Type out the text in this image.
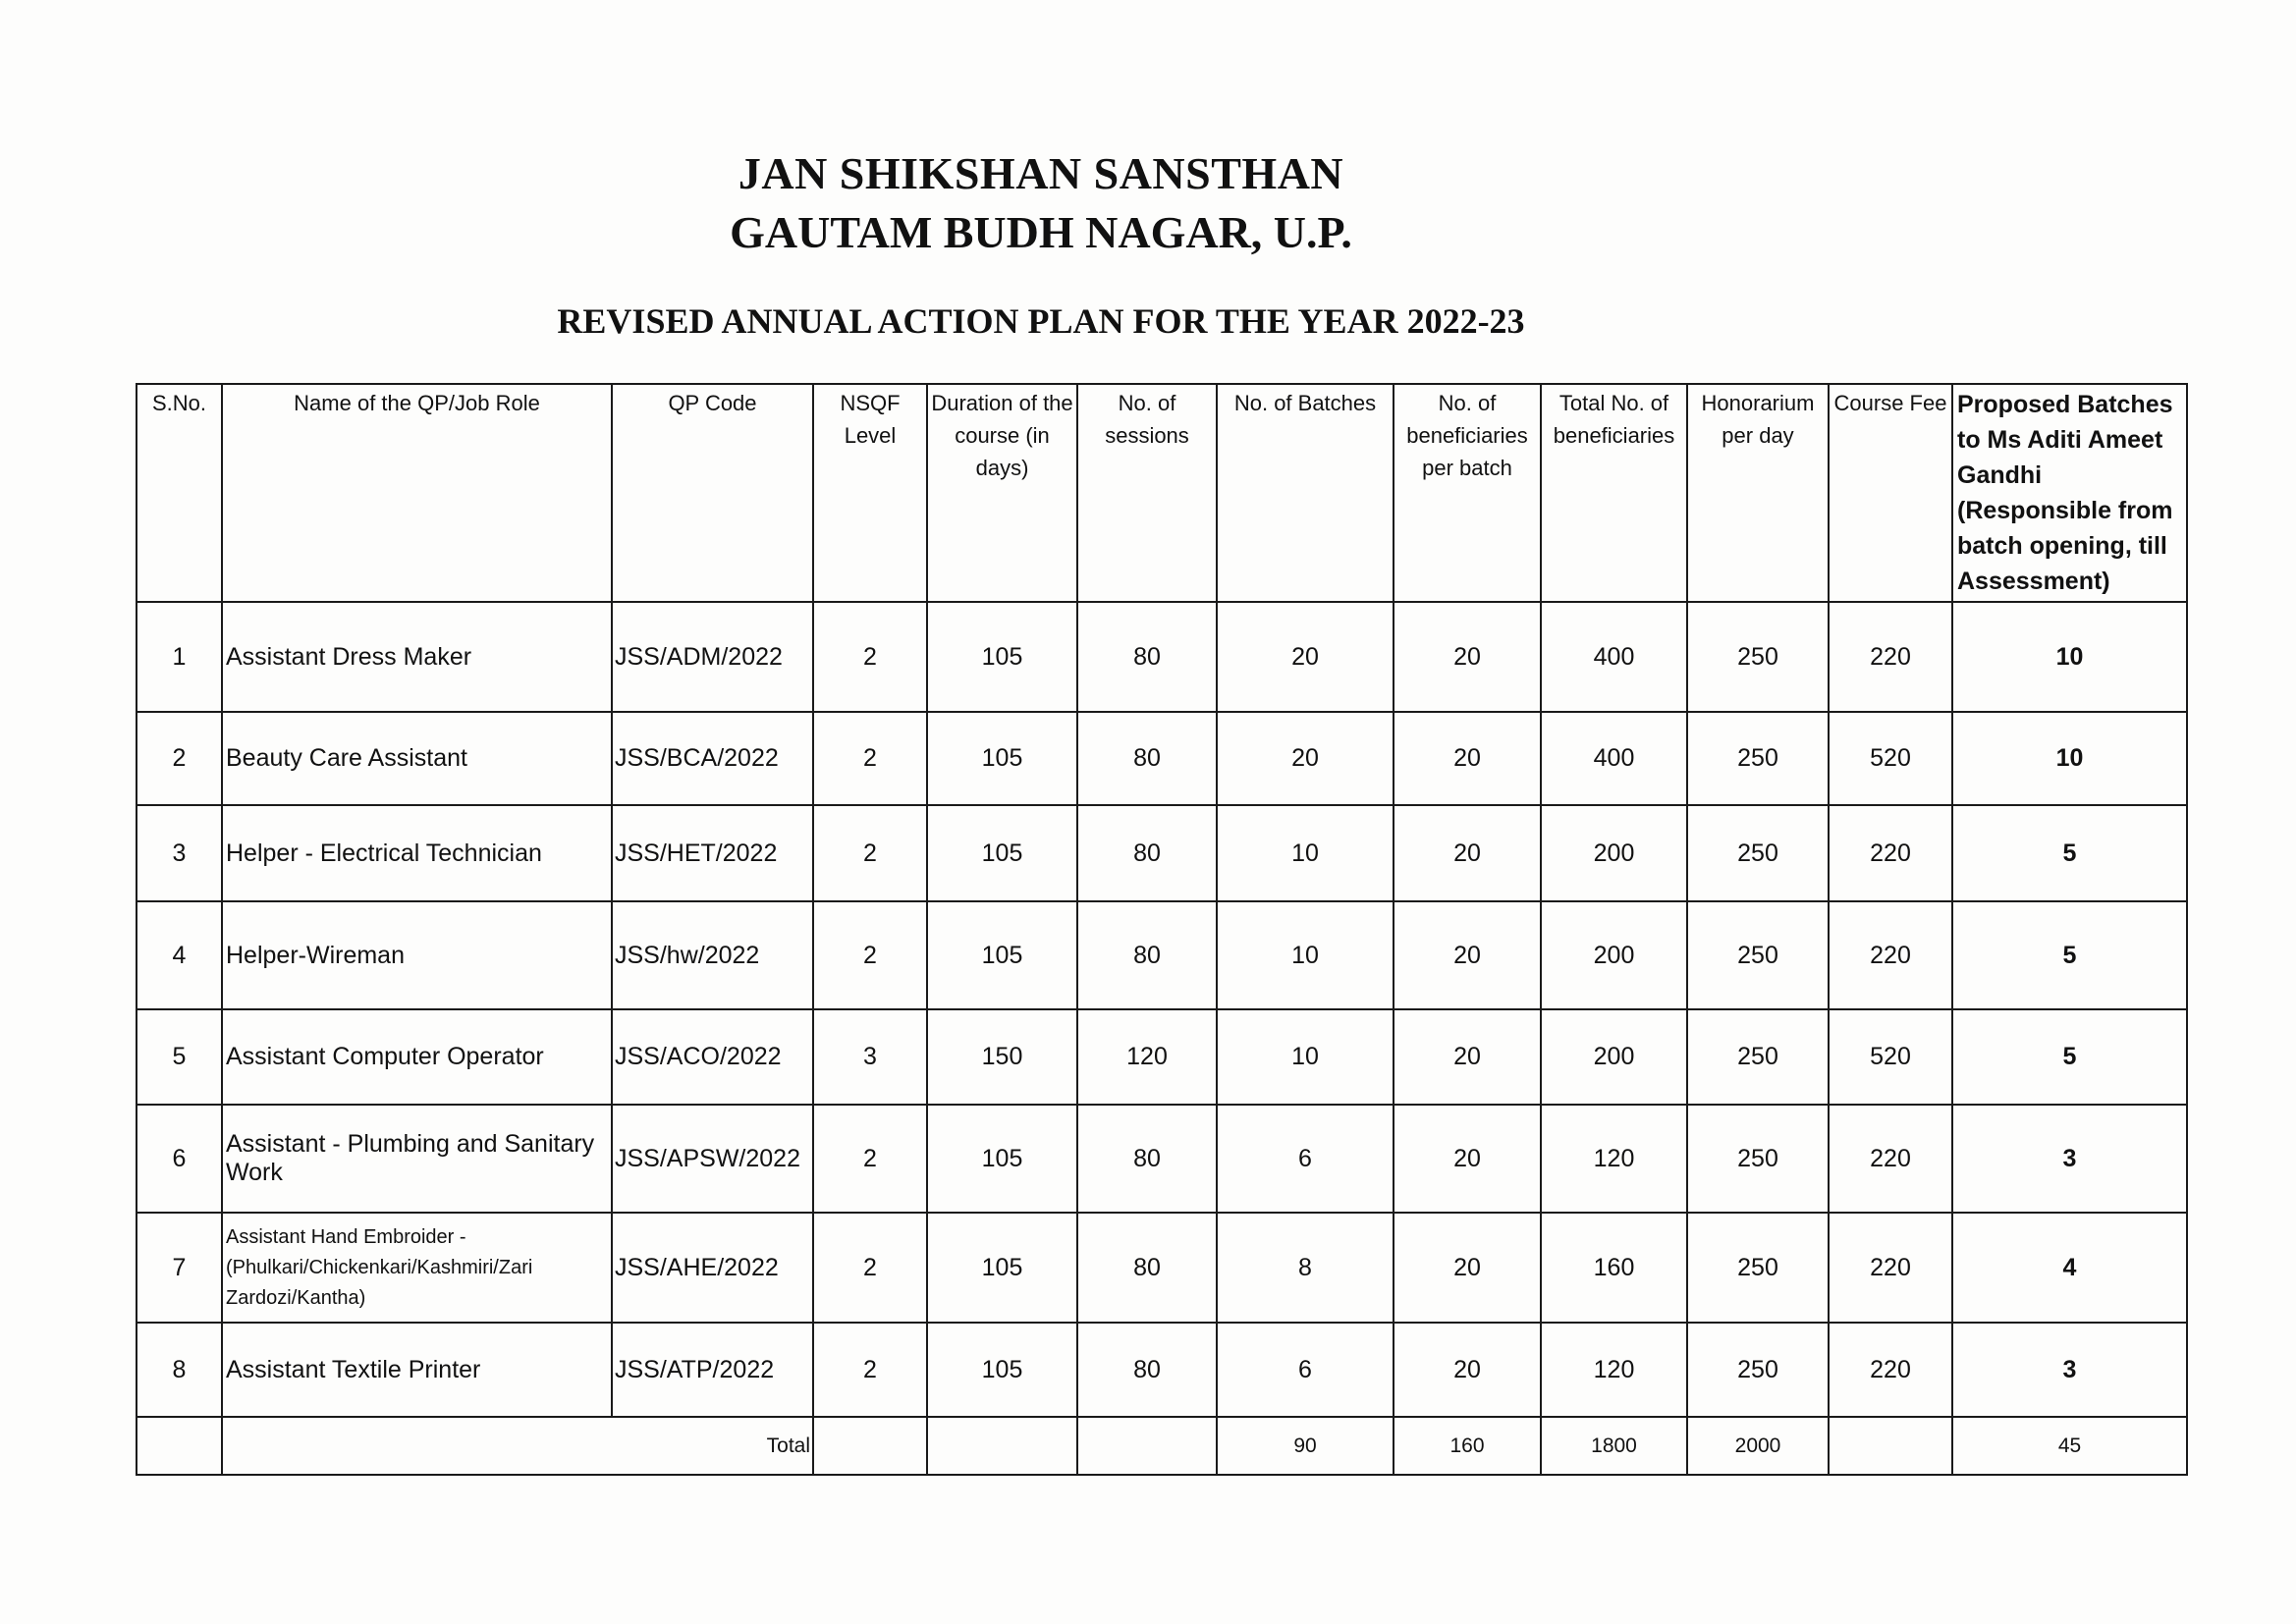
JAN SHIKSHAN SANSTHAN
GAUTAM BUDH NAGAR, U.P.
REVISED ANNUAL ACTION PLAN FOR THE YEAR 2022-23
S.No.	Name of the QP/Job Role	QP Code	NSQF Level	Duration of the course (in days)	No. of sessions	No. of Batches	No. of beneficiaries per batch	Total No. of beneficiaries	Honorarium per day	Course Fee	Proposed Batches to Ms Aditi Ameet Gandhi (Responsible from batch opening, till Assessment)
1	Assistant Dress Maker	JSS/ADM/2022	2	105	80	20	20	400	250	220	10
2	Beauty Care Assistant	JSS/BCA/2022	2	105	80	20	20	400	250	520	10
3	Helper - Electrical Technician	JSS/HET/2022	2	105	80	10	20	200	250	220	5
4	Helper-Wireman	JSS/hw/2022	2	105	80	10	20	200	250	220	5
5	Assistant Computer Operator	JSS/ACO/2022	3	150	120	10	20	200	250	520	5
6	Assistant - Plumbing and Sanitary Work	JSS/APSW/2022	2	105	80	6	20	120	250	220	3
7	Assistant Hand Embroider - (Phulkari/Chickenkari/Kashmiri/Zari Zardozi/Kantha)	JSS/AHE/2022	2	105	80	8	20	160	250	220	4
8	Assistant Textile Printer	JSS/ATP/2022	2	105	80	6	20	120	250	220	3
	Total					90	160	1800	2000		45
